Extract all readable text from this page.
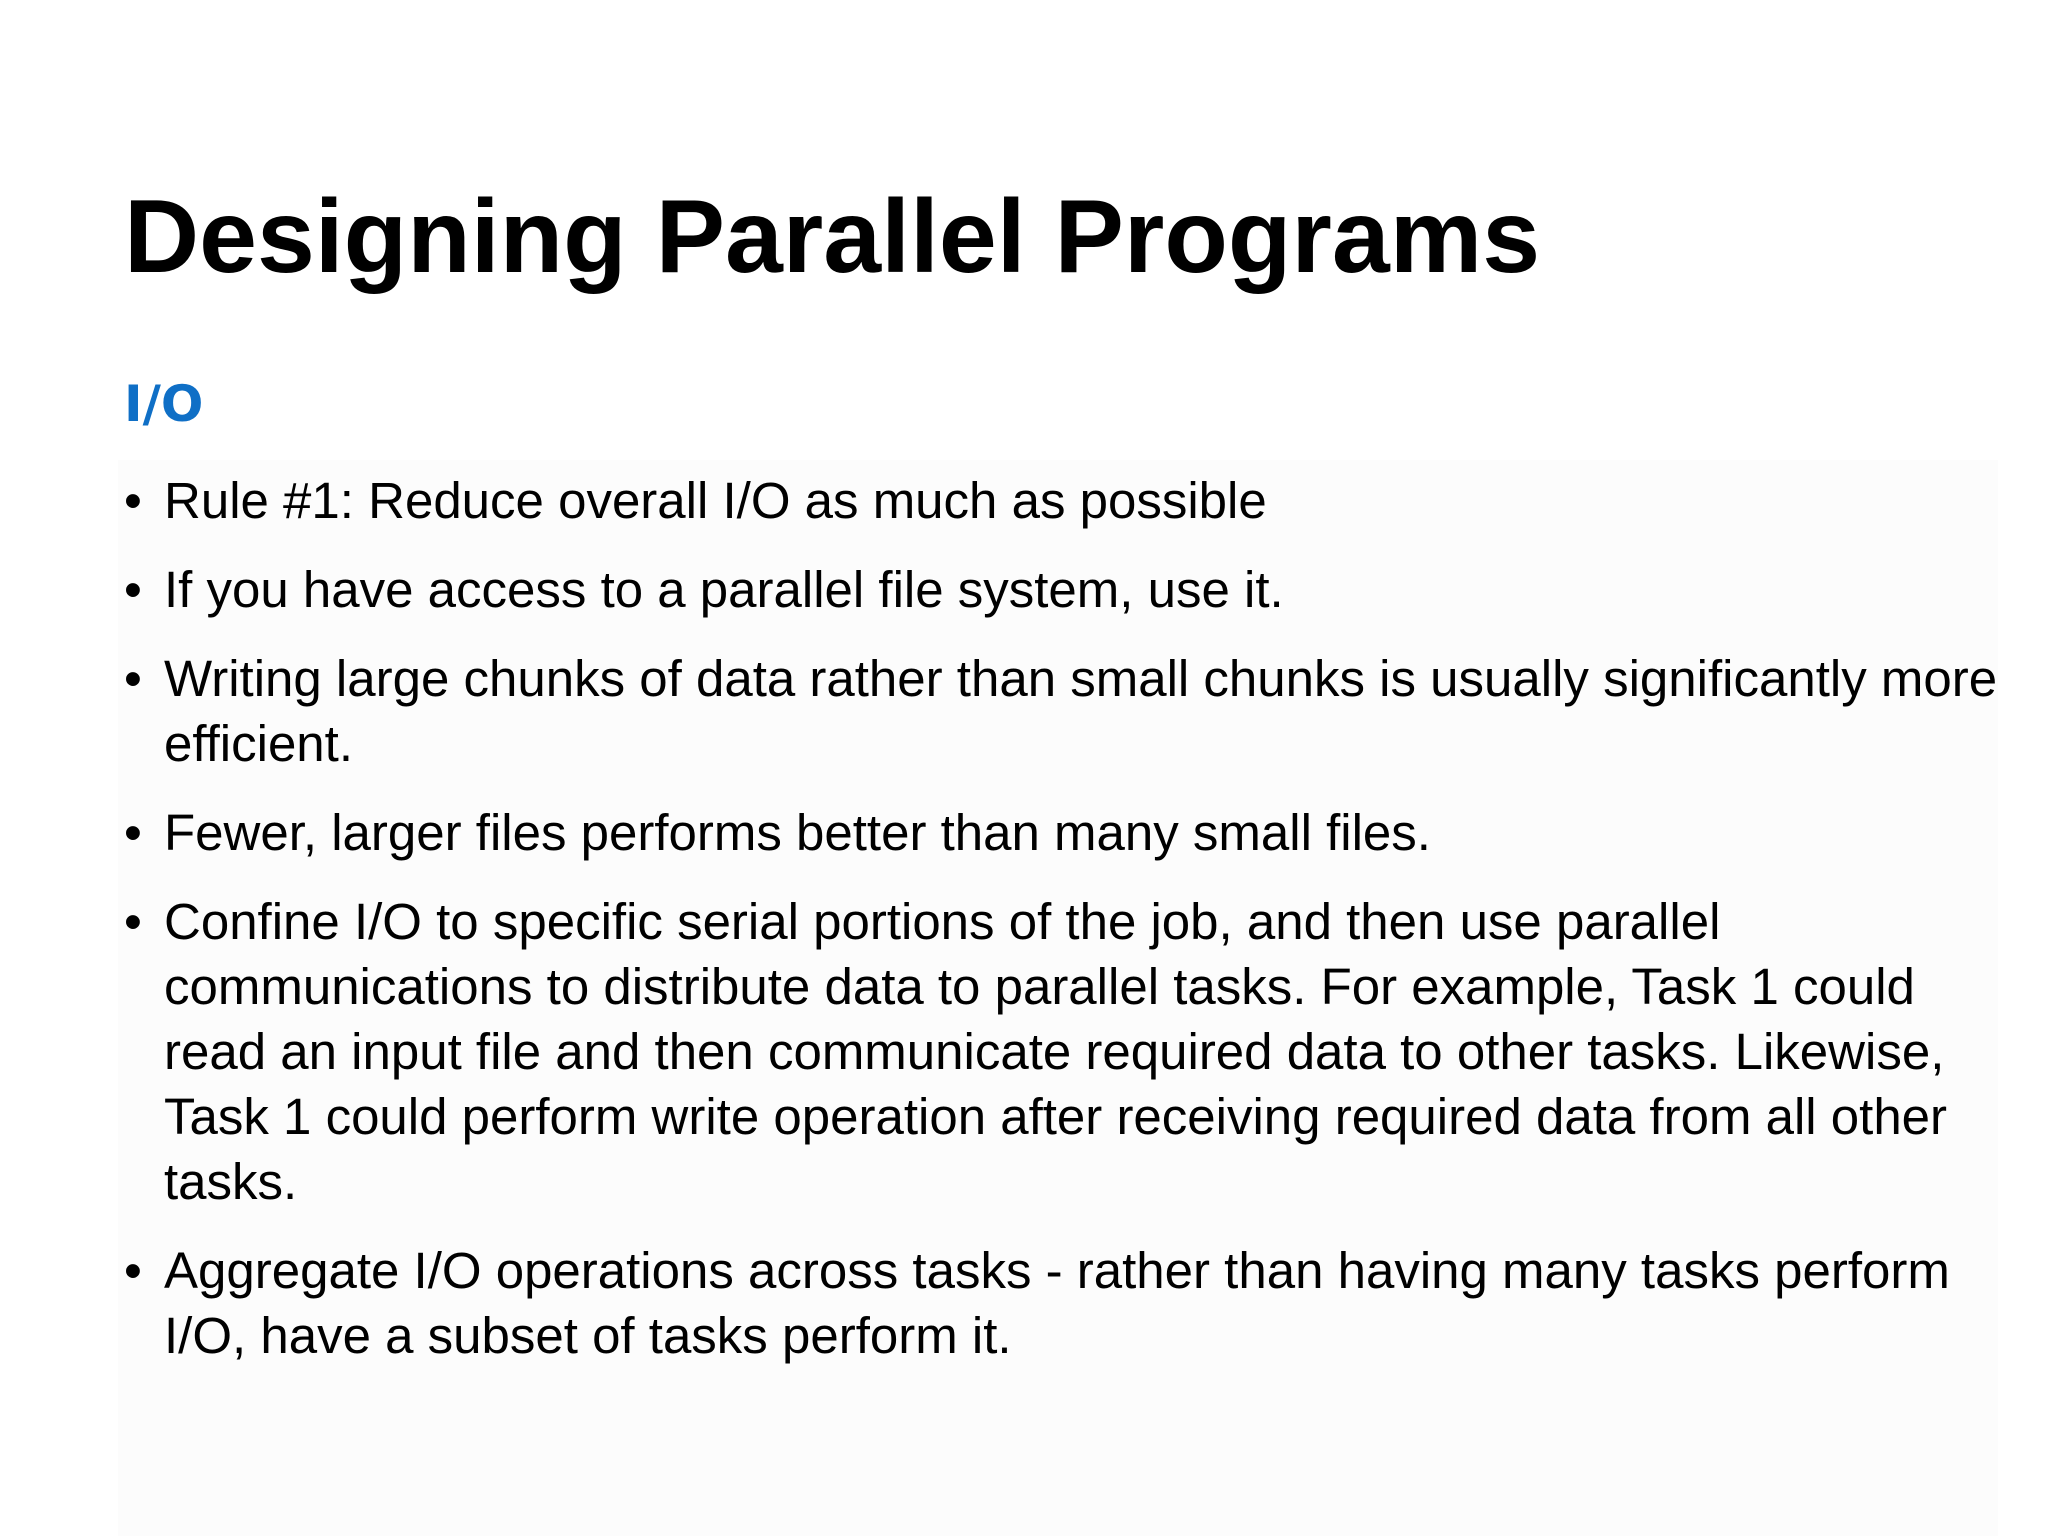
Designing Parallel Programs
I/O
• Rule #1: Reduce overall I/O as much as possible
• If you have access to a parallel file system, use it.
• Writing large chunks of data rather than small chunks is usually significantly more efficient.
• Fewer, larger files performs better than many small files.
• Confine I/O to specific serial portions of the job, and then use parallel communications to distribute data to parallel tasks. For example, Task 1 could read an input file and then communicate required data to other tasks. Likewise, Task 1 could perform write operation after receiving required data from all other tasks.
• Aggregate I/O operations across tasks - rather than having many tasks perform I/O, have a subset of tasks perform it.
